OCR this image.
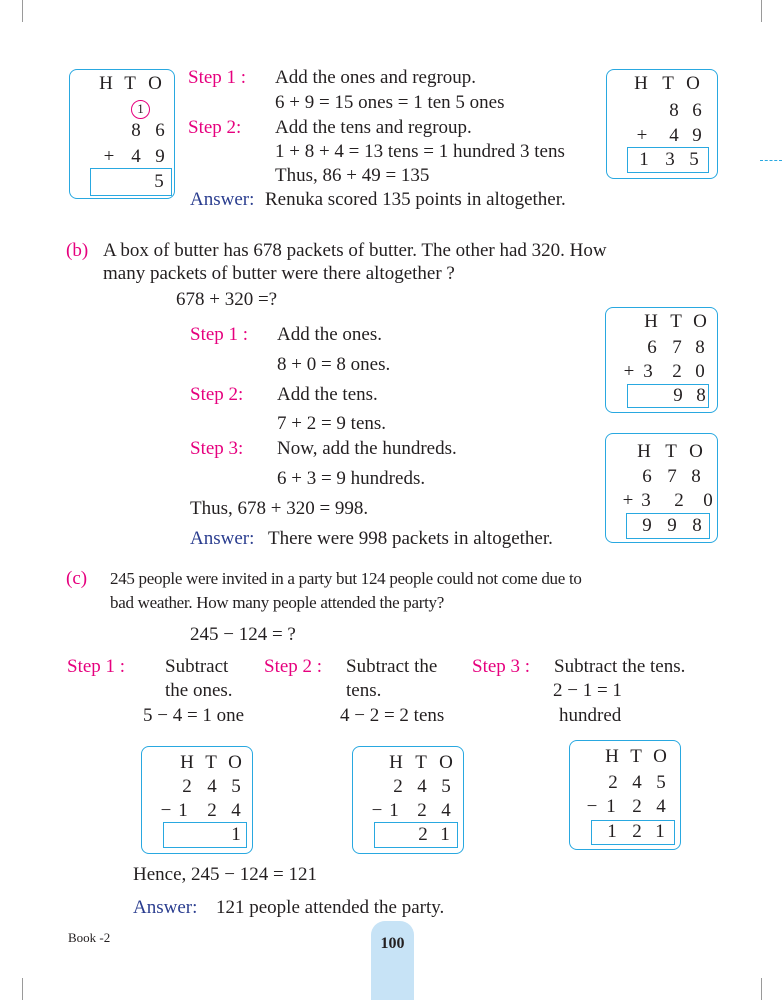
H T O
1
8 6
+ 4 9
5
Step 1 : Add the ones and regroup.
6 + 9 = 15 ones = 1 ten 5 ones
Step 2: Add the tens and regroup.
1 + 8 + 4 = 13 tens = 1 hundred 3 tens
Thus, 86 + 49 = 135
Answer: Renuka scored 135 points in altogether.
H T O
8 6
+ 4 9
1 3 5
(b) A box of butter has 678 packets of butter. The other had 320. How
many packets of butter were there altogether ?
678 + 320 =?
Step 1 : Add the ones.
8 + 0 = 8 ones.
Step 2: Add the tens.
7 + 2 = 9 tens.
Step 3: Now, add the hundreds.
6 + 3 = 9 hundreds.
Thus, 678 + 320 = 998.
Answer: There were 998 packets in altogether.
H T O
6 7 8
+ 3 2 0
9 8
H T O
6 7 8
+ 3 2 0
9 9 8
(c) 245 people were invited in a party but 124 people could not come due to
bad weather. How many people attended the party?
245 − 124 = ?
Step 1 : Subtract
the ones.
5 − 4 = 1 one
Step 2 : Subtract the
tens.
4 − 2 = 2 tens
Step 3 : Subtract the tens.
2 − 1 = 1
hundred
H T O
2 4 5
− 1 2 4
1
H T O
2 4 5
− 1 2 4
2 1
H T O
2 4 5
− 1 2 4
1 2 1
Hence, 245 − 124 = 121
Answer: 121 people attended the party.
Book -2	100
